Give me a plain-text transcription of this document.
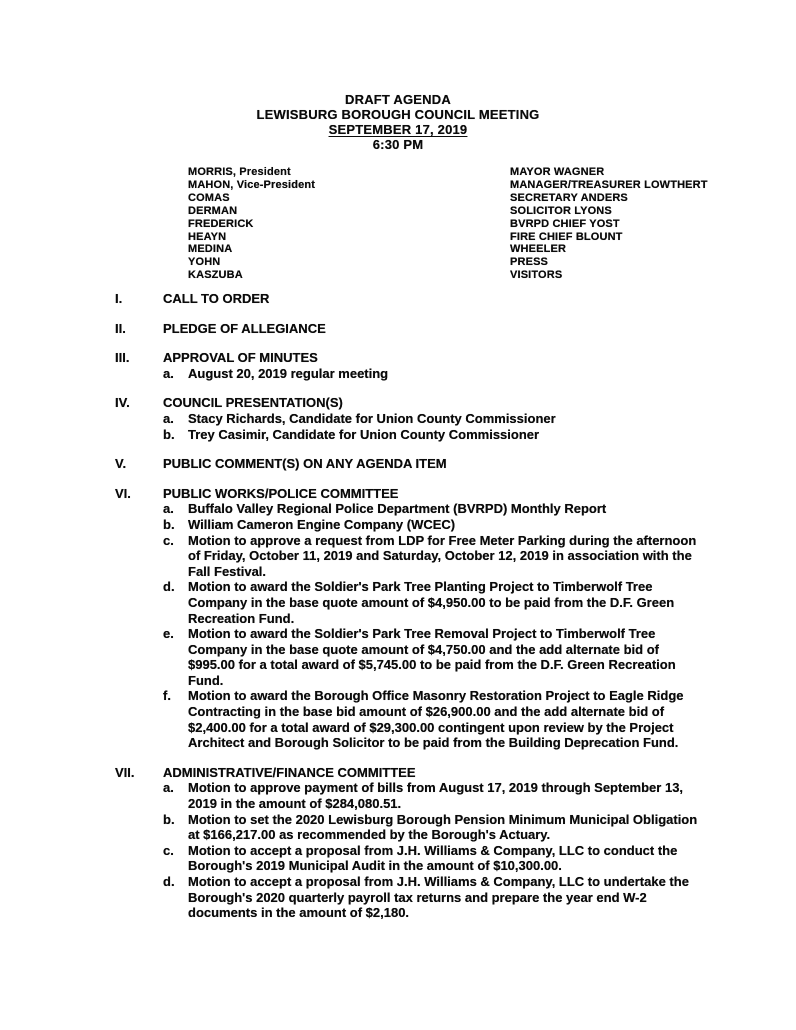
DRAFT AGENDA
LEWISBURG BOROUGH COUNCIL MEETING
SEPTEMBER 17, 2019
6:30 PM
MORRIS, President
MAHON, Vice-President
COMAS
DERMAN
FREDERICK
HEAYN
MEDINA
YOHN
KASZUBA
MAYOR WAGNER
MANAGER/TREASURER LOWTHERT
SECRETARY ANDERS
SOLICITOR LYONS
BVRPD CHIEF YOST
FIRE CHIEF BLOUNT
WHEELER
PRESS
VISITORS
I.	CALL TO ORDER
II.	PLEDGE OF ALLEGIANCE
III.	APPROVAL OF MINUTES
a.	August 20, 2019 regular meeting
IV.	COUNCIL PRESENTATION(S)
a.	Stacy Richards, Candidate for Union County Commissioner
b.	Trey Casimir, Candidate for Union County Commissioner
V.	PUBLIC COMMENT(S) ON ANY AGENDA ITEM
VI.	PUBLIC WORKS/POLICE COMMITTEE
a.	Buffalo Valley Regional Police Department (BVRPD) Monthly Report
b.	William Cameron Engine Company (WCEC)
c.	Motion to approve a request from LDP for Free Meter Parking during the afternoon of Friday, October 11, 2019 and Saturday, October 12, 2019 in association with the Fall Festival.
d.	Motion to award the Soldier's Park Tree Planting Project to Timberwolf Tree Company in the base quote amount of $4,950.00 to be paid from the D.F. Green Recreation Fund.
e.	Motion to award the Soldier's Park Tree Removal Project to Timberwolf Tree Company in the base quote amount of $4,750.00 and the add alternate bid of $995.00 for a total award of $5,745.00 to be paid from the D.F. Green Recreation Fund.
f.	Motion to award the Borough Office Masonry Restoration Project to Eagle Ridge Contracting in the base bid amount of $26,900.00 and the add alternate bid of $2,400.00 for a total award of $29,300.00 contingent upon review by the Project Architect and Borough Solicitor to be paid from the Building Deprecation Fund.
VII.	ADMINISTRATIVE/FINANCE COMMITTEE
a.	Motion to approve payment of bills from August 17, 2019 through September 13, 2019 in the amount of $284,080.51.
b.	Motion to set the 2020 Lewisburg Borough Pension Minimum Municipal Obligation at $166,217.00 as recommended by the Borough's Actuary.
c.	Motion to accept a proposal from J.H. Williams & Company, LLC to conduct the Borough's 2019 Municipal Audit in the amount of $10,300.00.
d.	Motion to accept a proposal from J.H. Williams & Company, LLC to undertake the Borough's 2020 quarterly payroll tax returns and prepare the year end W-2 documents in the amount of $2,180.
